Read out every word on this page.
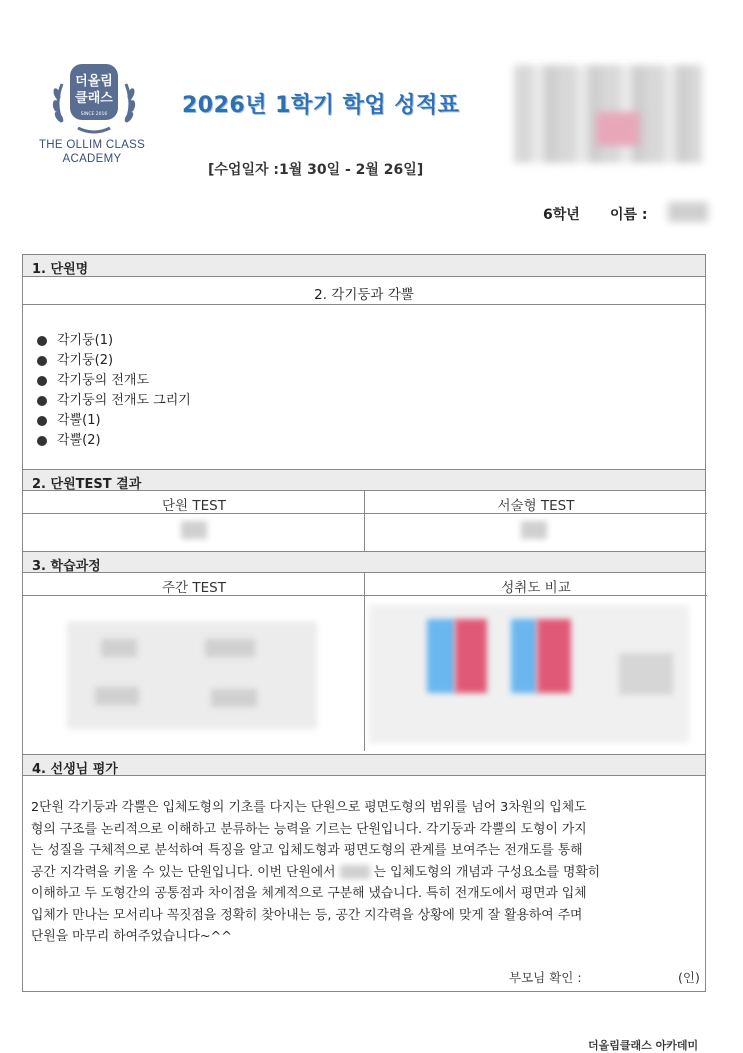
더올림
클래스
SINCE 2016
THE OLLIM CLASS
ACADEMY
2026년 1학기 학업 성적표
[수업일자 :1월 30일 - 2월 26일]
6학년 이름 :
1. 단원명
2. 각기둥과 각뿔
각기둥(1)
각기둥(2)
각기둥의 전개도
각기둥의 전개도 그리기
각뿔(1)
각뿔(2)
2. 단원TEST 결과
단원 TEST	서술형 TEST
3. 학습과정
주간 TEST	성취도 비교
4. 선생님 평가

2단원 각기둥과 각뿔은 입체도형의 기초를 다지는 단원으로 평면도형의 범위를 넘어 3차원의 입체도

형의 구조를 논리적으로 이해하고 분류하는 능력을 기르는 단원입니다. 각기둥과 각뿔의 도형이 가지

는 성질을 구체적으로 분석하여 특징을 알고 입체도형과 평면도형의 관계를 보여주는 전개도를 통해

공간 지각력을 키울 수 있는 단원입니다. 이번 단원에서	는 입체도형의 개념과 구성요소를 명확히

이해하고 두 도형간의 공통점과 차이점을 체계적으로 구분해 냈습니다. 특히 전개도에서 평면과 입체

입체가 만나는 모서리나 꼭짓점을 정확히 찾아내는 등, 공간 지각력을 상황에 맞게 잘 활용하여 주며

단원을 마무리 하여주었습니다~^^

부모님 확인 :	(인)
더올림클래스 아카데미
